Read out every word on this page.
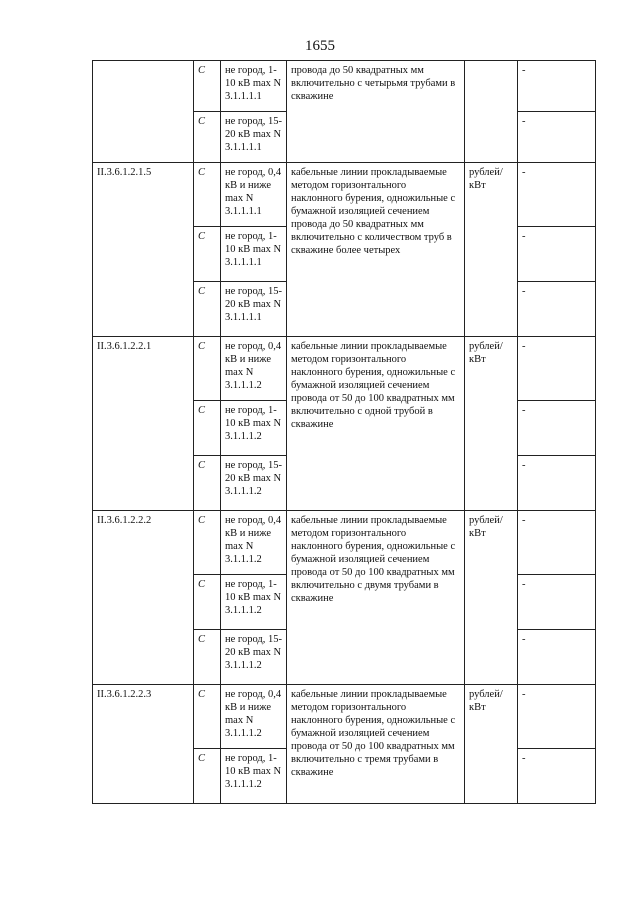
1655
	C	не город, 1-10 кВ max N 3.1.1.1.1	провода до 50 квадратных мм включительно с четырьмя трубами в скважине		-
	C	не город, 15-20 кВ max N 3.1.1.1.1			-
II.3.6.1.2.1.5	C	не город, 0,4 кВ и ниже max N 3.1.1.1.1	кабельные линии прокладываемые методом горизонтального наклонного бурения, одножильные с бумажной изоляцией сечением провода до 50 квадратных мм включительно с количеством труб в скважине более четырех	рублей/ кВт	-
	C	не город, 1-10 кВ max N 3.1.1.1.1			-
	C	не город, 15-20 кВ max N 3.1.1.1.1			-
II.3.6.1.2.2.1	C	не город, 0,4 кВ и ниже max N 3.1.1.1.2	кабельные линии прокладываемые методом горизонтального наклонного бурения, одножильные с бумажной изоляцией сечением провода от 50 до 100 квадратных мм включительно с одной трубой в скважине	рублей/ кВт	-
	C	не город, 1-10 кВ max N 3.1.1.1.2			-
	C	не город, 15-20 кВ max N 3.1.1.1.2			-
II.3.6.1.2.2.2	C	не город, 0,4 кВ и ниже max N 3.1.1.1.2	кабельные линии прокладываемые методом горизонтального наклонного бурения, одножильные с бумажной изоляцией сечением провода от 50 до 100 квадратных мм включительно с двумя трубами в скважине	рублей/ кВт	-
	C	не город, 1-10 кВ max N 3.1.1.1.2			-
	C	не город, 15-20 кВ max N 3.1.1.1.2			-
II.3.6.1.2.2.3	C	не город, 0,4 кВ и ниже max N 3.1.1.1.2	кабельные линии прокладываемые методом горизонтального наклонного бурения, одножильные с бумажной изоляцией сечением провода от 50 до 100 квадратных мм включительно с тремя трубами в скважине	рублей/ кВт	-
	C	не город, 1-10 кВ max N 3.1.1.1.2			-
